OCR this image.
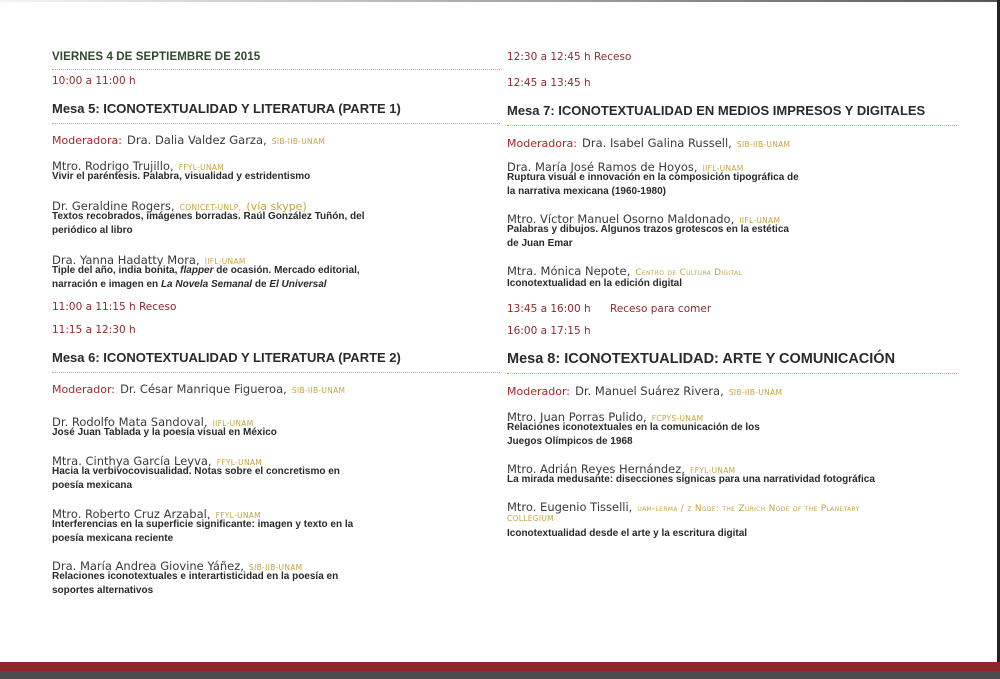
VIERNES 4 DE SEPTIEMBRE DE 2015
10:00 a 11:00 h
Mesa 5: ICONOTEXTUALIDAD Y LITERATURA (PARTE 1)
Moderadora: Dra. Dalia Valdez Garza, SIB-IIB-UNAM
Mtro. Rodrigo Trujillo, FFYL-UNAM
Vivir el paréntesis. Palabra, visualidad y estridentismo
Dr. Geraldine Rogers, CONICET-UNLP, (vía skype)
Textos recobrados, imágenes borradas. Raúl González Tuñón, del periódico al libro
Dra. Yanna Hadatty Mora, IIFL-UNAM
Tiple del año, india bonita, flapper de ocasión. Mercado editorial, narración e imagen en La Novela Semanal de El Universal
11:00 a 11:15 h Receso
11:15 a 12:30 h
Mesa 6: ICONOTEXTUALIDAD Y LITERATURA (PARTE 2)
Moderador: Dr. César Manrique Figueroa, SIB-IIB-UNAM
Dr. Rodolfo Mata Sandoval, IIFL-UNAM
José Juan Tablada y la poesía visual en México
Mtra. Cinthya García Leyva, FFYL-UNAM
Hacia la verbivocovisualidad. Notas sobre el concretismo en poesía mexicana
Mtro. Roberto Cruz Arzabal, FFYL-UNAM
Interferencias en la superficie significante: imagen y texto en la poesía mexicana reciente
Dra. María Andrea Giovine Yáñez, SIB-IIB-UNAM
Relaciones iconotextuales e interartisticidad en la poesía en soportes alternativos
12:30 a 12:45 h Receso
12:45 a 13:45 h
Mesa 7: ICONOTEXTUALIDAD EN MEDIOS IMPRESOS Y DIGITALES
Moderadora: Dra. Isabel Galina Russell, SIB-IIB-UNAM
Dra. María José Ramos de Hoyos, IIFL-UNAM
Ruptura visual e innovación en la composición tipográfica de la narrativa mexicana (1960-1980)
Mtro. Víctor Manuel Osorno Maldonado, IIFL-UNAM
Palabras y dibujos. Algunos trazos grotescos en la estética de Juan Emar
Mtra. Mónica Nepote, Centro de Cultura Digital
Iconotextualidad en la edición digital
13:45 a 16:00 h Receso para comer
16:00 a 17:15 h
Mesa 8: ICONOTEXTUALIDAD: ARTE Y COMUNICACIÓN
Moderador: Dr. Manuel Suárez Rivera, SIB-IIB-UNAM
Mtro. Juan Porras Pulido, FCPYS-UNAM
Relaciones iconotextuales en la comunicación de los Juegos Olímpicos de 1968
Mtro. Adrián Reyes Hernández, FFYL-UNAM
La mirada medusante: disecciones sígnicas para una narratividad fotográfica
Mtro. Eugenio Tisselli, uam-lerma / z Node: the Zurich Node of the Planetary
COLLEGIUM
Iconotextualidad desde el arte y la escritura digital
